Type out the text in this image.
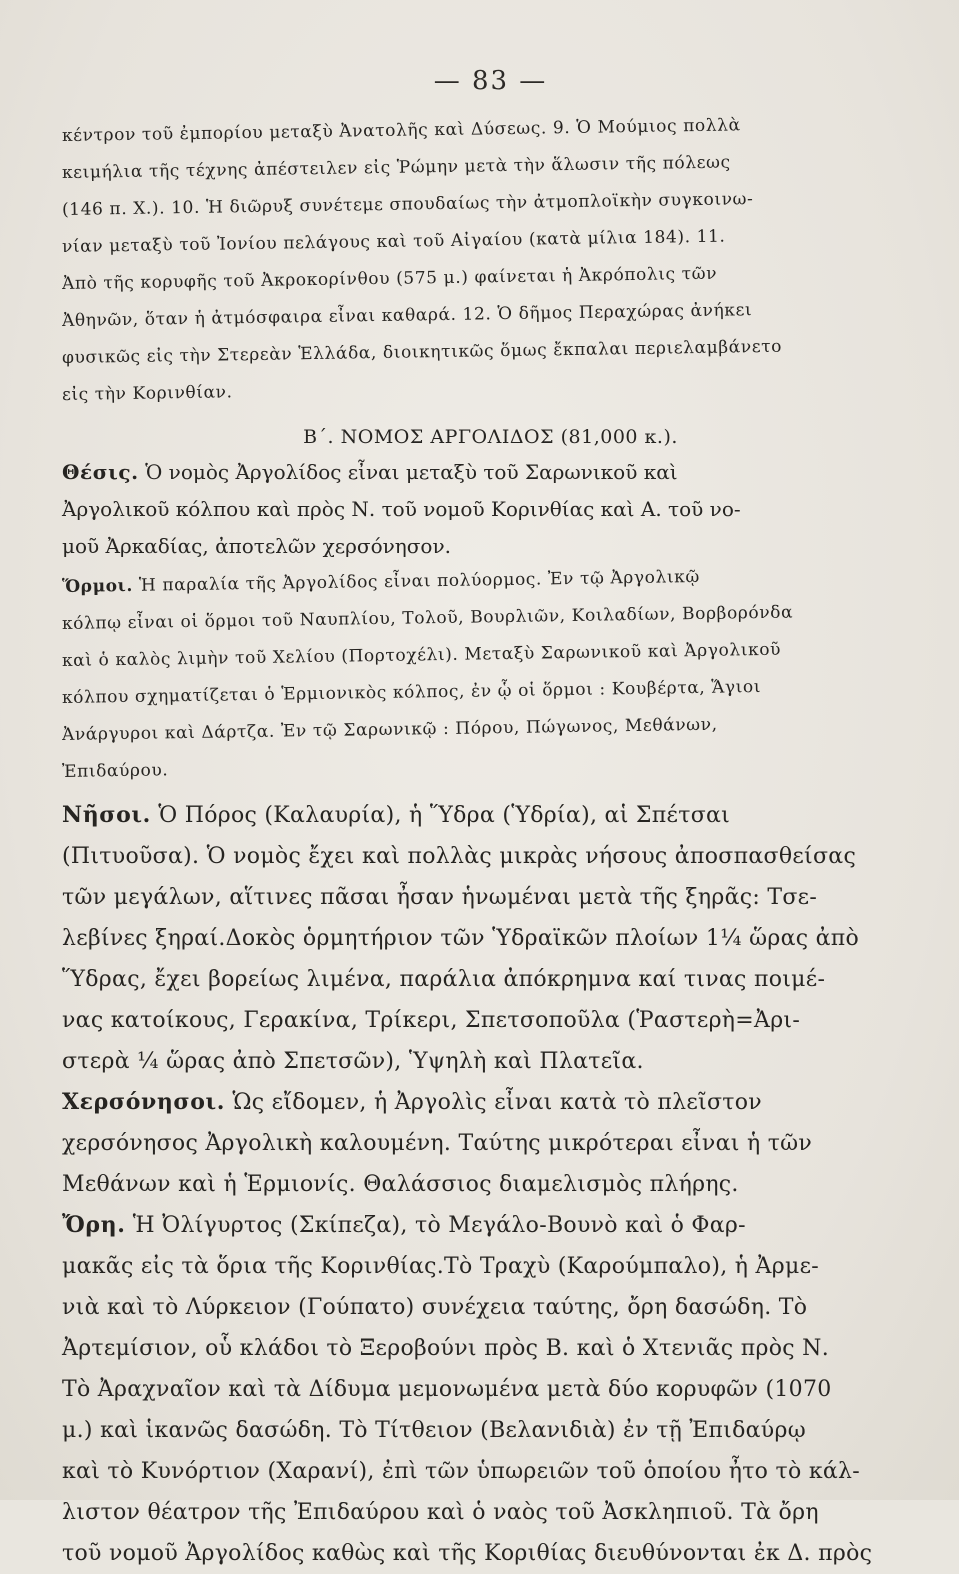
— 83 —

κέντρον τοῦ ἐμπορίου μεταξὺ Ἀνατολῆς καὶ Δύσεως. 9. Ὁ Μούμιος πολλὰ

κειμήλια τῆς τέχνης ἀπέστειλεν εἰς Ῥώμην μετὰ τὴν ἅλωσιν τῆς πόλεως

(146 π. Χ.). 10. Ἡ διῶρυξ συνέτεμε σπουδαίως τὴν ἀτμοπλοϊκὴν συγκοινω-

νίαν μεταξὺ τοῦ Ἰονίου πελάγους καὶ τοῦ Αἰγαίου (κατὰ μίλια 184). 11.

Ἀπὸ τῆς κορυφῆς τοῦ Ἀκροκορίνθου (575 μ.) φαίνεται ἡ Ἀκρόπολις τῶν

Ἀθηνῶν, ὅταν ἡ ἀτμόσφαιρα εἶναι καθαρά. 12. Ὁ δῆμος Περαχώρας ἀνήκει

φυσικῶς εἰς τὴν Στερεὰν Ἑλλάδα, διοικητικῶς ὅμως ἔκπαλαι περιελαμβάνετο

εἰς τὴν Κορινθίαν.

Β΄. ΝΟΜΟΣ ΑΡΓΟΛΙΔΟΣ (81,000 κ.).

Θέσις. Ὁ νομὸς Ἀργολίδος εἶναι μεταξὺ τοῦ Σαρωνικοῦ καὶ

Ἀργολικοῦ κόλπου καὶ πρὸς Ν. τοῦ νομοῦ Κορινθίας καὶ Α. τοῦ νο-

μοῦ Ἀρκαδίας, ἀποτελῶν χερσόνησον.

Ὅρμοι. Ἡ παραλία τῆς Ἀργολίδος εἶναι πολύορμος. Ἐν τῷ Ἀργολικῷ

κόλπῳ εἶναι οἱ ὅρμοι τοῦ Ναυπλίου, Τολοῦ, Βουρλιῶν, Κοιλαδίων, Βορβορόνδα

καὶ ὁ καλὸς λιμὴν τοῦ Χελίου (Πορτοχέλι). Μεταξὺ Σαρωνικοῦ καὶ Ἀργολικοῦ

κόλπου σχηματίζεται ὁ Ἑρμιονικὸς κόλπος, ἐν ᾧ οἱ ὅρμοι : Κουβέρτα, Ἅγιοι

Ἀνάργυροι καὶ Δάρτζα. Ἐν τῷ Σαρωνικῷ : Πόρου, Πώγωνος, Μεθάνων,

Ἐπιδαύρου.

Νῆσοι. Ὁ Πόρος (Καλαυρία), ἡ Ὕδρα (Ὑδρία), αἱ Σπέτσαι

(Πιτυοῦσα). Ὁ νομὸς ἔχει καὶ πολλὰς μικρὰς νήσους ἀποσπασθείσας

τῶν μεγάλων, αἵτινες πᾶσαι ἦσαν ἡνωμέναι μετὰ τῆς ξηρᾶς: Τσε-

λεβίνες ξηραί.Δοκὸς ὁρμητήριον τῶν Ὑδραϊκῶν πλοίων 1¼ ὥρας ἀπὸ

Ὕδρας, ἔχει βορείως λιμένα, παράλια ἀπόκρημνα καί τινας ποιμέ-

νας κατοίκους, Γερακίνα, Τρίκερι, Σπετσοποῦλα (Ῥαστερὴ=Ἀρι-

στερὰ ¼ ὥρας ἀπὸ Σπετσῶν), Ὑψηλὴ καὶ Πλατεῖα.

Χερσόνησοι. Ὡς εἴδομεν, ἡ Ἀργολὶς εἶναι κατὰ τὸ πλεῖστον

χερσόνησος Ἀργολικὴ καλουμένη. Ταύτης μικρότεραι εἶναι ἡ τῶν

Μεθάνων καὶ ἡ Ἑρμιονίς. Θαλάσσιος διαμελισμὸς πλήρης.

Ὄρη. Ἡ Ὀλίγυρτος (Σκίπεζα), τὸ Μεγάλο-Βουνὸ καὶ ὁ Φαρ-

μακᾶς εἰς τὰ ὅρια τῆς Κορινθίας.Τὸ Τραχὺ (Καρούμπαλο), ἡ Ἀρμε-

νιὰ καὶ τὸ Λύρκειον (Γούπατο) συνέχεια ταύτης, ὄρη δασώδη. Τὸ

Ἀρτεμίσιον, οὗ κλάδοι τὸ Ξεροβούνι πρὸς Β. καὶ ὁ Χτενιᾶς πρὸς Ν.

Τὸ Ἀραχναῖον καὶ τὰ Δίδυμα μεμονωμένα μετὰ δύο κορυφῶν (1070

μ.) καὶ ἱκανῶς δασώδη. Τὸ Τίτθειον (Βελανιδιὰ) ἐν τῇ Ἐπιδαύρῳ

καὶ τὸ Κυνόρτιον (Χαρανί), ἐπὶ τῶν ὑπωρειῶν τοῦ ὁποίου ἦτο τὸ κάλ-

λιστον θέατρον τῆς Ἐπιδαύρου καὶ ὁ ναὸς τοῦ Ἀσκληπιοῦ. Τὰ ὄρη

τοῦ νομοῦ Ἀργολίδος καθὼς καὶ τῆς Κοριθίας διευθύνονται ἐκ Δ. πρὸς
